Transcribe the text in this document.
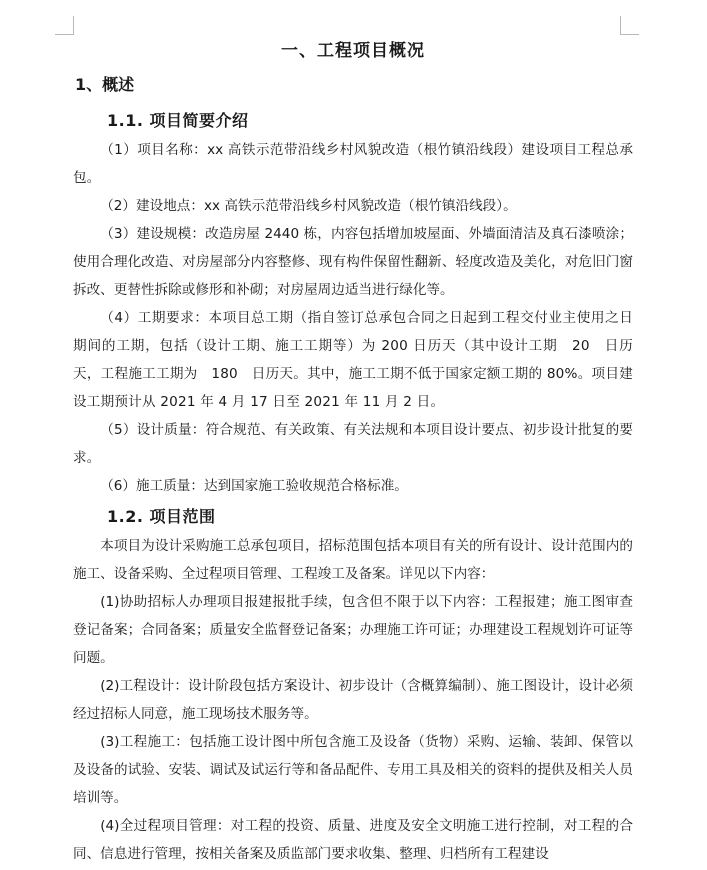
一、工程项目概况
1、概述
1.1. 项目简要介绍

（1）项目名称：xx 高铁示范带沿线乡村风貌改造（根竹镇沿线段）建设项目工程总承包。

（2）建设地点：xx 高铁示范带沿线乡村风貌改造（根竹镇沿线段）。

（3）建设规模：改造房屋 2440 栋，内容包括增加坡屋面、外墙面清洁及真石漆喷涂；使用合理化改造、对房屋部分内容整修、现有构件保留性翻新、轻度改造及美化，对危旧门窗拆改、更替性拆除或修形和补砌；对房屋周边适当进行绿化等。

（4）工期要求：本项目总工期（指自签订总承包合同之日起到工程交付业主使用之日期间的工期，包括（设计工期、施工工期等）为 200 日历天（其中设计工期　20　日历天，工程施工工期为　180　日历天。其中，施工工期不低于国家定额工期的 80%。项目建设工期预计从 2021 年 4 月 17 日至 2021 年 11 月 2 日。

（5）设计质量：符合规范、有关政策、有关法规和本项目设计要点、初步设计批复的要求。

（6）施工质量：达到国家施工验收规范合格标准。

1.2. 项目范围

本项目为设计采购施工总承包项目，招标范围包括本项目有关的所有设计、设计范围内的施工、设备采购、全过程项目管理、工程竣工及备案。详见以下内容：

(1)协助招标人办理项目报建报批手续，包含但不限于以下内容：工程报建；施工图审查登记备案；合同备案；质量安全监督登记备案；办理施工许可证；办理建设工程规划许可证等问题。

(2)工程设计：设计阶段包括方案设计、初步设计（含概算编制）、施工图设计，设计必须经过招标人同意，施工现场技术服务等。

(3)工程施工：包括施工设计图中所包含施工及设备（货物）采购、运输、装卸、保管以及设备的试验、安装、调试及试运行等和备品配件、专用工具及相关的资料的提供及相关人员培训等。

(4)全过程项目管理：对工程的投资、质量、进度及安全文明施工进行控制，对工程的合同、信息进行管理，按相关备案及质监部门要求收集、整理、归档所有工程建设
